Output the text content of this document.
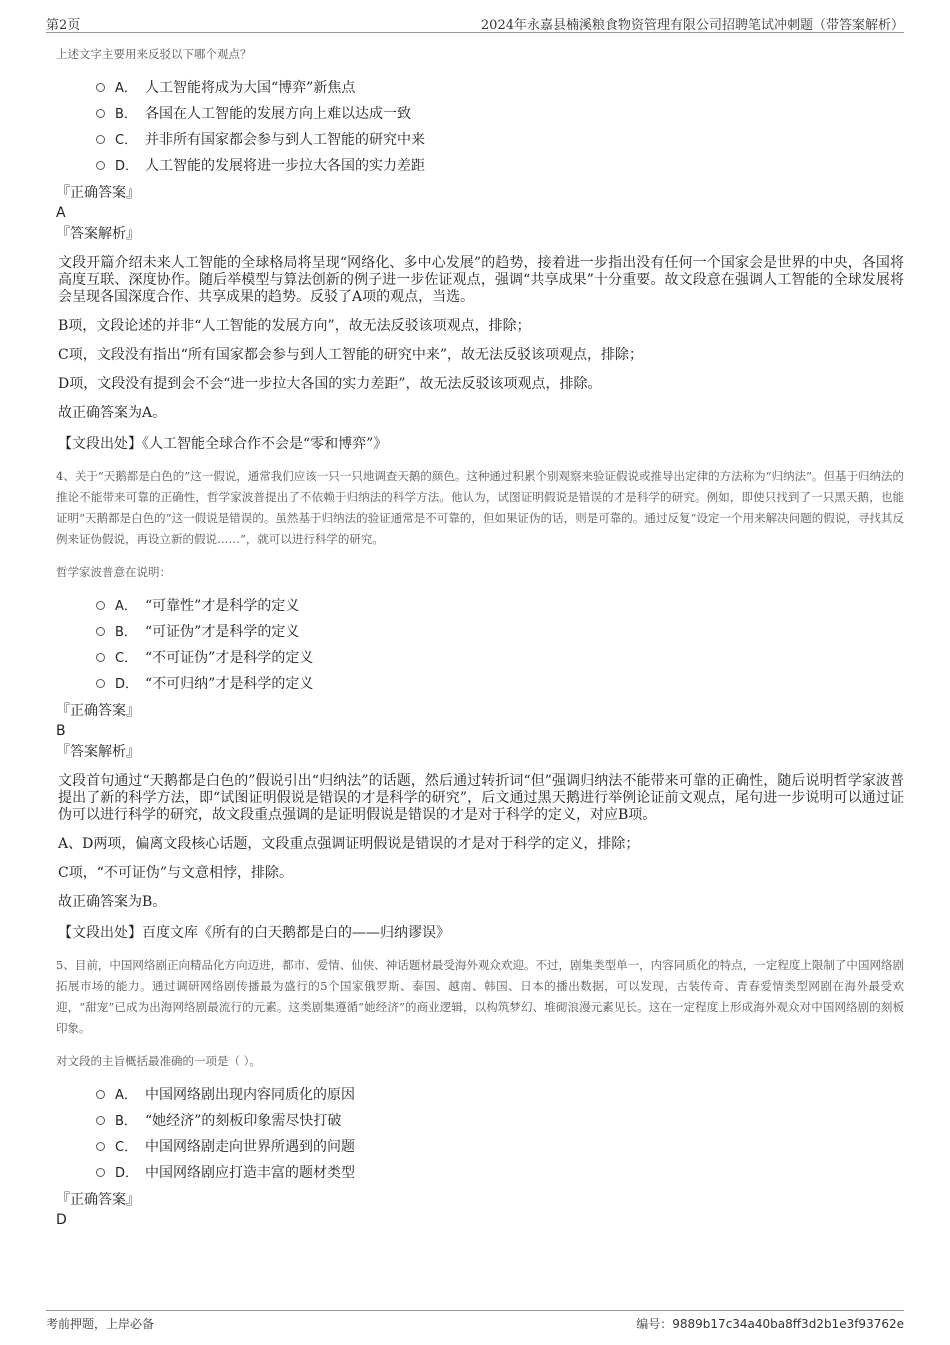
第2页	2024年永嘉县楠溪粮食物资管理有限公司招聘笔试冲刺题（带答案解析）

上述文字主要用来反驳以下哪个观点？

A． 人工智能将成为大国“博弈”新焦点
B． 各国在人工智能的发展方向上难以达成一致
C． 并非所有国家都会参与到人工智能的研究中来
D． 人工智能的发展将进一步拉大各国的实力差距

『正确答案』

A

『答案解析』

文段开篇介绍未来人工智能的全球格局将呈现“网络化、多中心发展”的趋势，接着进一步指出没有任何一个国家会是世界的中央，各国将高度互联、深度协作。随后举模型与算法创新的例子进一步佐证观点，强调“共享成果”十分重要。故文段意在强调人工智能的全球发展将会呈现各国深度合作、共享成果的趋势。反驳了A项的观点，当选。

B项，文段论述的并非“人工智能的发展方向”，故无法反驳该项观点，排除；

C项，文段没有指出“所有国家都会参与到人工智能的研究中来”，故无法反驳该项观点，排除；

D项，文段没有提到会不会“进一步拉大各国的实力差距”，故无法反驳该项观点，排除。

故正确答案为A。

【文段出处】《人工智能全球合作不会是“零和博弈”》

4、关于“天鹅都是白色的”这一假说，通常我们应该一只一只地调查天鹅的颜色。这种通过积累个别观察来验证假说或推导出定律的方法称为“归纳法”。但基于归纳法的推论不能带来可靠的正确性，哲学家波普提出了不依赖于归纳法的科学方法。他认为，试图证明假说是错误的才是科学的研究。例如，即使只找到了一只黑天鹅，也能证明“天鹅都是白色的”这一假说是错误的。虽然基于归纳法的验证通常是不可靠的，但如果证伪的话，则是可靠的。通过反复“设定一个用来解决问题的假说，寻找其反例来证伪假说，再设立新的假说……”，就可以进行科学的研究。

哲学家波普意在说明：

A． “可靠性”才是科学的定义
B． “可证伪”才是科学的定义
C． “不可证伪”才是科学的定义
D． “不可归纳”才是科学的定义

『正确答案』

B

『答案解析』

文段首句通过“天鹅都是白色的”假说引出“归纳法”的话题，然后通过转折词“但”强调归纳法不能带来可靠的正确性，随后说明哲学家波普提出了新的科学方法，即“试图证明假说是错误的才是科学的研究”，后文通过黑天鹅进行举例论证前文观点，尾句进一步说明可以通过证伪可以进行科学的研究，故文段重点强调的是证明假说是错误的才是对于科学的定义，对应B项。

A、D两项，偏离文段核心话题，文段重点强调证明假说是错误的才是对于科学的定义，排除；

C项，“不可证伪”与文意相悖，排除。

故正确答案为B。

【文段出处】百度文库《所有的白天鹅都是白的——归纳谬误》

5、目前，中国网络剧正向精品化方向迈进，都市、爱情、仙侠、神话题材最受海外观众欢迎。不过，剧集类型单一，内容同质化的特点，一定程度上限制了中国网络剧拓展市场的能力。通过调研网络剧传播最为盛行的5个国家俄罗斯、泰国、越南、韩国、日本的播出数据，可以发现，古装传奇、青春爱情类型网剧在海外最受欢迎，“甜宠”已成为出海网络剧最流行的元素。这类剧集遵循“她经济”的商业逻辑，以构筑梦幻、堆砌浪漫元素见长。这在一定程度上形成海外观众对中国网络剧的刻板印象。

对文段的主旨概括最准确的一项是（ ）。

A． 中国网络剧出现内容同质化的原因
B． “她经济”的刻板印象需尽快打破
C． 中国网络剧走向世界所遇到的问题
D． 中国网络剧应打造丰富的题材类型

『正确答案』

D

考前押题，上岸必备	编号：9889b17c34a40ba8ff3d2b1e3f93762e
